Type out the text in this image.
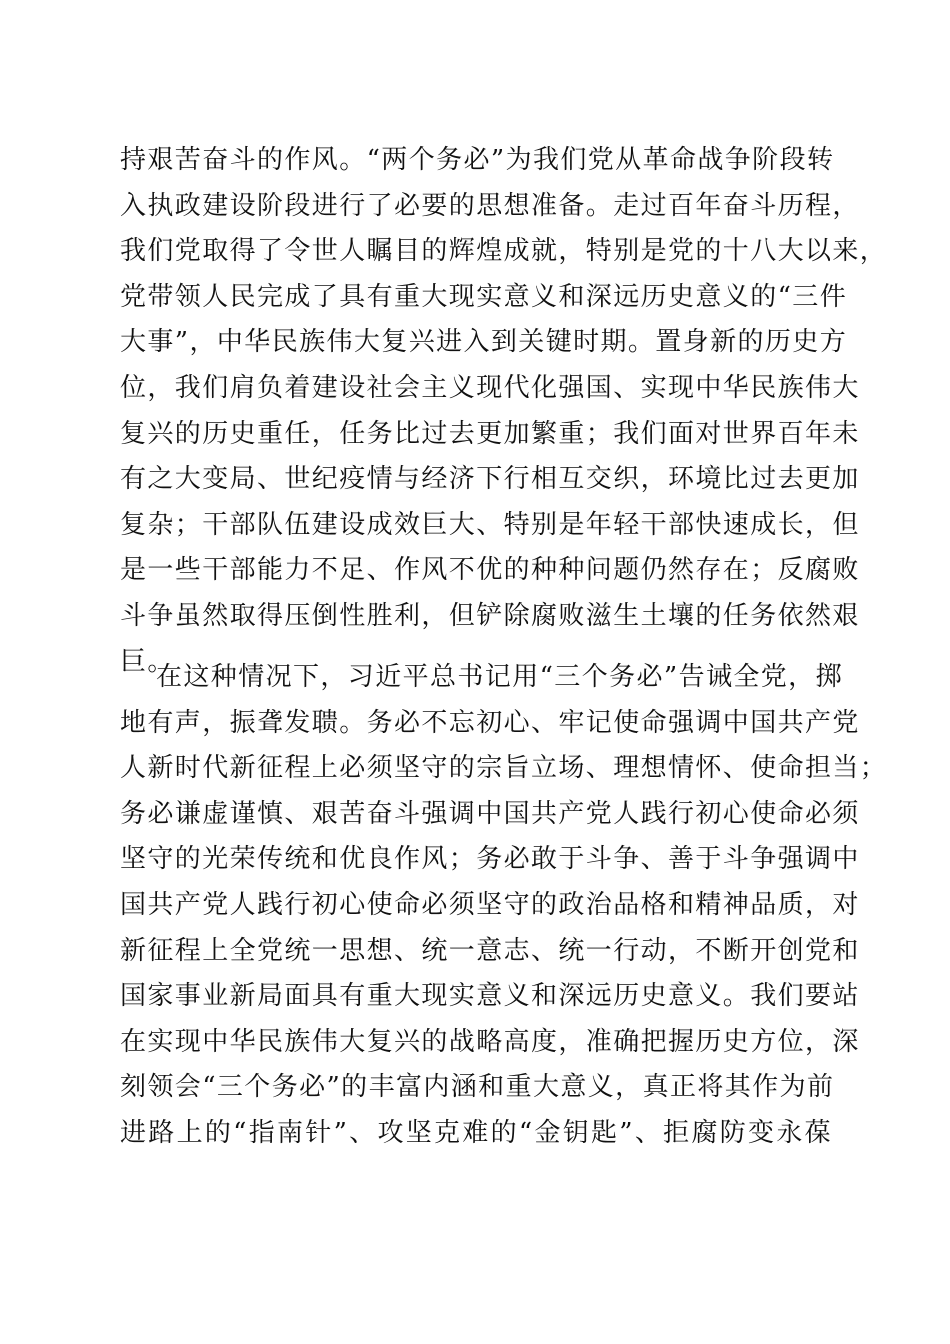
持艰苦奋斗的作风。“两个务必”为我们党从革命战争阶段转
入执政建设阶段进行了必要的思想准备。走过百年奋斗历程，
我们党取得了令世人瞩目的辉煌成就，特别是党的十八大以来，
党带领人民完成了具有重大现实意义和深远历史意义的“三件
大事”，中华民族伟大复兴进入到关键时期。置身新的历史方
位，我们肩负着建设社会主义现代化强国、实现中华民族伟大
复兴的历史重任，任务比过去更加繁重；我们面对世界百年未
有之大变局、世纪疫情与经济下行相互交织，环境比过去更加
复杂；干部队伍建设成效巨大、特别是年轻干部快速成长，但
是一些干部能力不足、作风不优的种种问题仍然存在；反腐败
斗争虽然取得压倒性胜利，但铲除腐败滋生土壤的任务依然艰
巨。
在这种情况下，习近平总书记用“三个务必”告诫全党，掷
地有声，振聋发聩。务必不忘初心、牢记使命强调中国共产党
人新时代新征程上必须坚守的宗旨立场、理想情怀、使命担当；
务必谦虚谨慎、艰苦奋斗强调中国共产党人践行初心使命必须
坚守的光荣传统和优良作风；务必敢于斗争、善于斗争强调中
国共产党人践行初心使命必须坚守的政治品格和精神品质，对
新征程上全党统一思想、统一意志、统一行动，不断开创党和
国家事业新局面具有重大现实意义和深远历史意义。我们要站
在实现中华民族伟大复兴的战略高度，准确把握历史方位，深
刻领会“三个务必”的丰富内涵和重大意义，真正将其作为前
进路上的“指南针”、攻坚克难的“金钥匙”、拒腐防变永葆
